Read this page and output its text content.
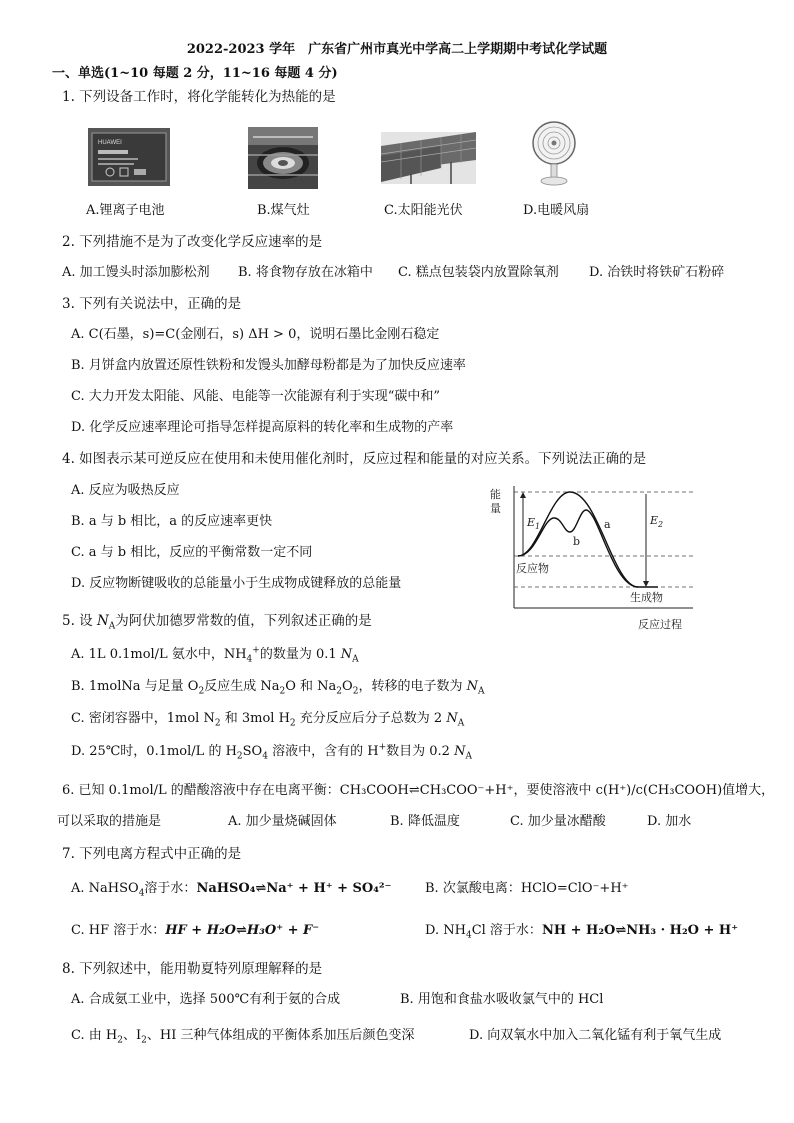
2022-2023 学年　广东省广州市真光中学高二上学期期中考试化学试题
一、单选(1~10 每题 2 分，11~16 每题 4 分)
1. 下列设备工作时，将化学能转化为热能的是
HUAWEI
A.锂离子电池	B.煤气灶	C.太阳能光伏	D.电暖风扇
2. 下列措施不是为了改变化学反应速率的是
A. 加工馒头时添加膨松剂 B. 将食物存放在冰箱中 C. 糕点包装袋内放置除氧剂 D. 冶铁时将铁矿石粉碎
3. 下列有关说法中，正确的是
A. C(石墨，s)=C(金刚石，s) ΔH > 0，说明石墨比金刚石稳定
B. 月饼盒内放置还原性铁粉和发馒头加酵母粉都是为了加快反应速率
C. 大力开发太阳能、风能、电能等一次能源有利于实现“碳中和”
D. 化学反应速率理论可指导怎样提高原料的转化率和生成物的产率
4. 如图表示某可逆反应在使用和未使用催化剂时，反应过程和能量的对应关系。下列说法正确的是
A. 反应为吸热反应
B. a 与 b 相比，a 的反应速率更快
C. a 与 b 相比，反应的平衡常数一定不同
D. 反应物断键吸收的总能量小于生成物成键释放的总能量
能
量
$E_1$	$E_2$
a
b
反应物
生成物
反应过程
5. 设 $N_A$为阿伏加德罗常数的值，下列叙述正确的是
A. 1L 0.1mol/L 氨水中，$NH_4^+$的数量为 0.1 $N_A$
B. 1molNa 与足量 $O_2$反应生成 $Na_2O$ 和 $Na_2O_2$，转移的电子数为 $N_A$
C. 密闭容器中，1mol $N_2$ 和 3mol $H_2$ 充分反应后分子总数为 2 $N_A$
D. 25℃时，0.1mol/L 的 $H_2SO_4$ 溶液中，含有的 H+数目为 0.2 $N_A$
6. 已知 0.1mol/L 的醋酸溶液中存在电离平衡：CH₃COOH⇌CH₃COO⁻+H⁺，要使溶液中 c(H⁺)/c(CH₃COOH)值增大，
可以采取的措施是	A. 加少量烧碱固体	B. 降低温度	C. 加少量冰醋酸	D. 加水
7. 下列电离方程式中正确的是
A. NaHSO$_4$溶于水：NaHSO₄⇌Na⁺ + H⁺ + SO₄²⁻	B. 次氯酸电离：HClO=ClO⁻+H⁺
C. HF 溶于水：HF + H₂O⇌H₃O⁺ + F⁻	D. $NH_4Cl$ 溶于水：NH + H₂O⇌NH₃ · H₂O + H⁺
8. 下列叙述中，能用勒夏特列原理解释的是
A. 合成氨工业中，选择 500℃有利于氨的合成	B. 用饱和食盐水吸收氯气中的 HCl
C. 由 $H_2$、$I_2$、HI 三种气体组成的平衡体系加压后颜色变深	D. 向双氧水中加入二氧化锰有利于氧气生成
